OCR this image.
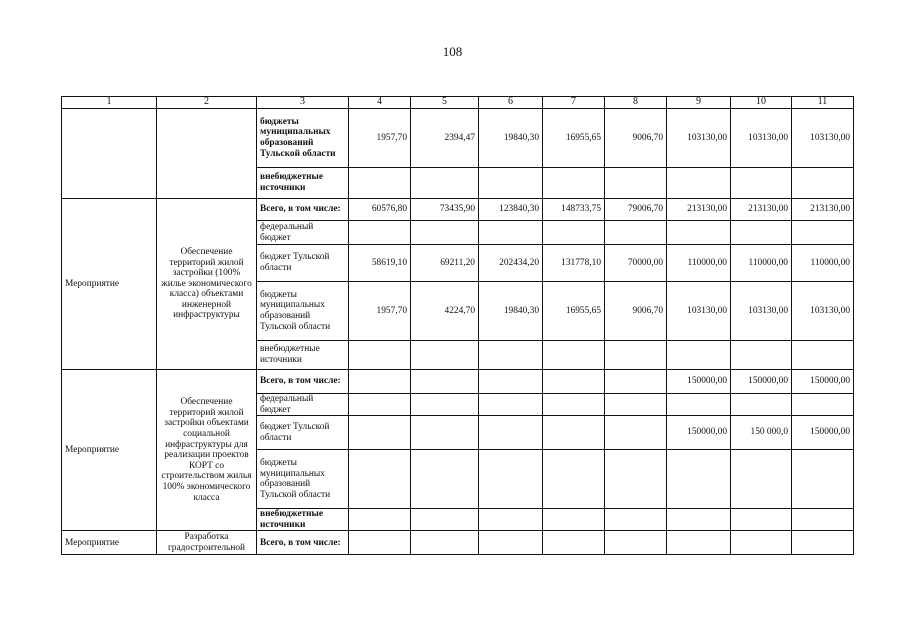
108
1	2	3	4	5	6	7	8	9	10	11
		бюджеты муниципальных образований Тульской области	1957,70	2394,47	19840,30	16955,65	9006,70	103130,00	103130,00	103130,00
		внебюджетные источники								
Мероприятие	Обеспечение территорий жилой застройки (100% жилье экономического класса) объектами инженерной инфраструктуры	Всего, в том числе:	60576,80	73435,90	123840,30	148733,75	79006,70	213130,00	213130,00	213130,00
		федеральный бюджет								
		бюджет Тульской области	58619,10	69211,20	202434,20	131778,10	70000,00	110000,00	110000,00	110000,00
		бюджеты муниципальных образований Тульской области	1957,70	4224,70	19840,30	16955,65	9006,70	103130,00	103130,00	103130,00
		внебюджетные источники								
Мероприятие	Обеспечение территорий жилой застройки объектами социальной инфраструктуры для реализации проектов КОРТ со строительством жилья 100% экономического класса	Всего, в том числе:						150000,00	150000,00	150000,00
		федеральный бюджет								
		бюджет Тульской области						150000,00	150 000,0	150000,00
		бюджеты муниципальных образований Тульской области								
		внебюджетные источники								
Мероприятие	Разработка градостроительной	Всего, в том числе:								
